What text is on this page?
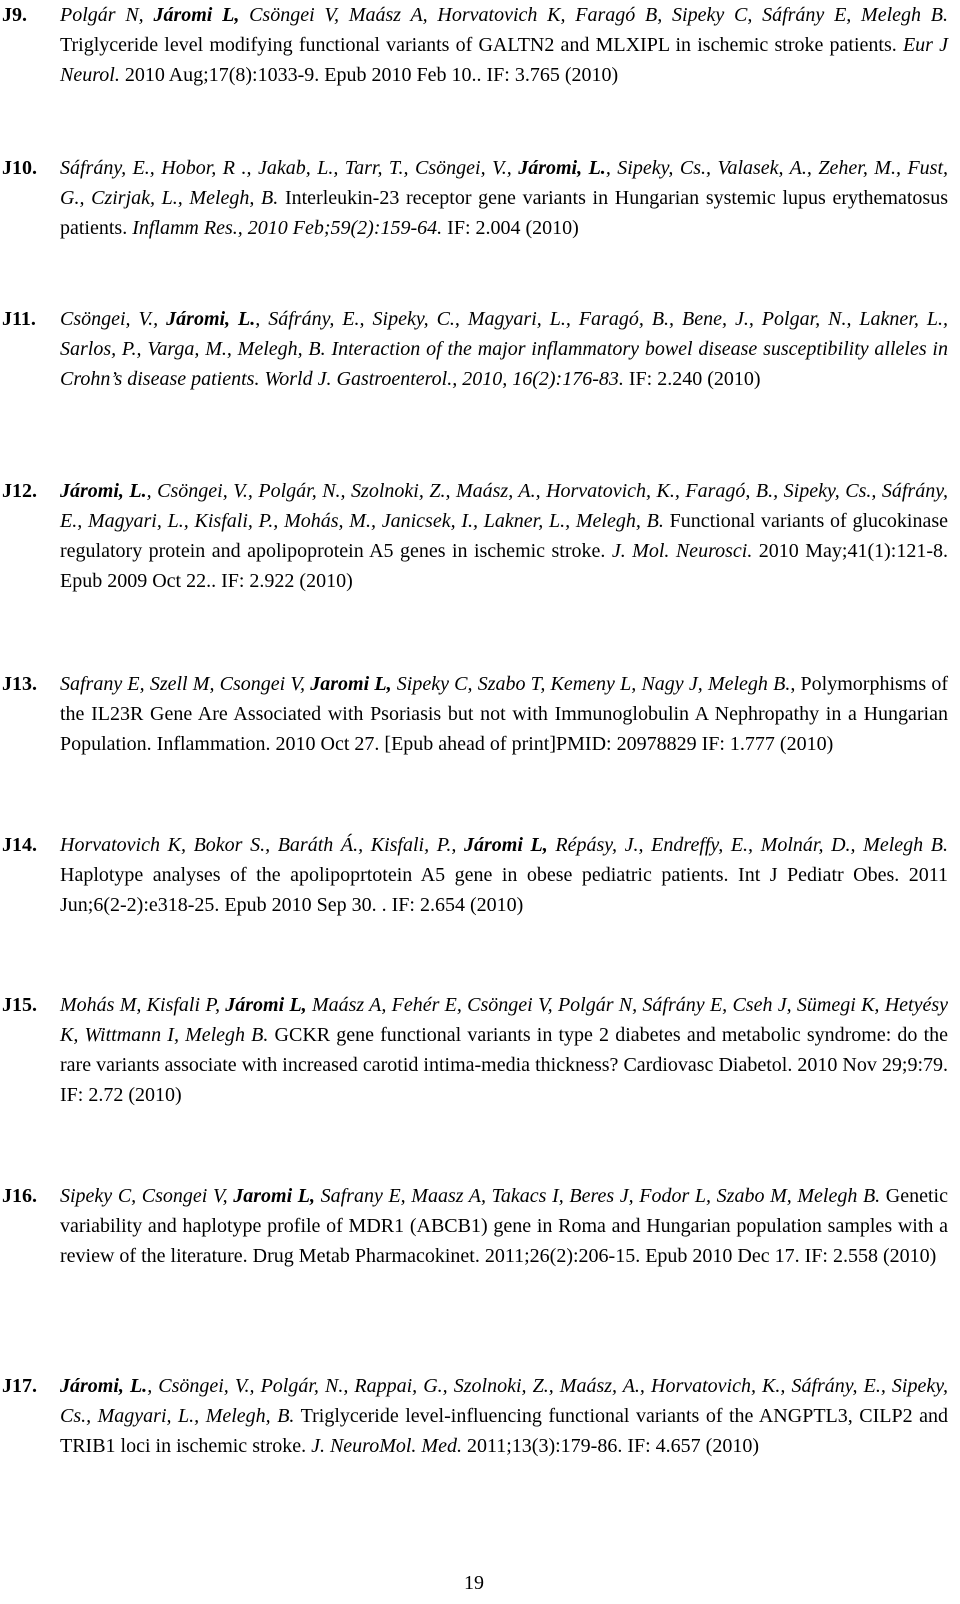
J9. Polgár N, Járomi L, Csöngei V, Maász A, Horvatovich K, Faragó B, Sipeky C, Sáfrány E, Melegh B. Triglyceride level modifying functional variants of GALTN2 and MLXIPL in ischemic stroke patients. Eur J Neurol. 2010 Aug;17(8):1033-9. Epub 2010 Feb 10.. IF: 3.765 (2010)
J10. Sáfrány, E., Hobor, R ., Jakab, L., Tarr, T., Csöngei, V., Járomi, L., Sipeky, Cs., Valasek, A., Zeher, M., Fust, G., Czirjak, L., Melegh, B. Interleukin-23 receptor gene variants in Hungarian systemic lupus erythematosus patients. Inflamm Res., 2010 Feb;59(2):159-64. IF: 2.004 (2010)
J11. Csöngei, V., Járomi, L., Sáfrány, E., Sipeky, C., Magyari, L., Faragó, B., Bene, J., Polgar, N., Lakner, L., Sarlos, P., Varga, M., Melegh, B. Interaction of the major inflammatory bowel disease susceptibility alleles in Crohn’s disease patients. World J. Gastroenterol., 2010, 16(2):176-83. IF: 2.240 (2010)
J12. Járomi, L., Csöngei, V., Polgár, N., Szolnoki, Z., Maász, A., Horvatovich, K., Faragó, B., Sipeky, Cs., Sáfrány, E., Magyari, L., Kisfali, P., Mohás, M., Janicsek, I., Lakner, L., Melegh, B. Functional variants of glucokinase regulatory protein and apolipoprotein A5 genes in ischemic stroke. J. Mol. Neurosci. 2010 May;41(1):121-8. Epub 2009 Oct 22.. IF: 2.922 (2010)
J13. Safrany E, Szell M, Csongei V, Jaromi L, Sipeky C, Szabo T, Kemeny L, Nagy J, Melegh B., Polymorphisms of the IL23R Gene Are Associated with Psoriasis but not with Immunoglobulin A Nephropathy in a Hungarian Population. Inflammation. 2010 Oct 27. [Epub ahead of print]PMID: 20978829 IF: 1.777 (2010)
J14. Horvatovich K, Bokor S., Baráth Á., Kisfali, P., Járomi L, Répásy, J., Endreffy, E., Molnár, D., Melegh B. Haplotype analyses of the apolipoprtotein A5 gene in obese pediatric patients. Int J Pediatr Obes. 2011 Jun;6(2-2):e318-25. Epub 2010 Sep 30. . IF: 2.654 (2010)
J15. Mohás M, Kisfali P, Járomi L, Maász A, Fehér E, Csöngei V, Polgár N, Sáfrány E, Cseh J, Sümegi K, Hetyésy K, Wittmann I, Melegh B. GCKR gene functional variants in type 2 diabetes and metabolic syndrome: do the rare variants associate with increased carotid intima-media thickness? Cardiovasc Diabetol. 2010 Nov 29;9:79. IF: 2.72 (2010)
J16. Sipeky C, Csongei V, Jaromi L, Safrany E, Maasz A, Takacs I, Beres J, Fodor L, Szabo M, Melegh B. Genetic variability and haplotype profile of MDR1 (ABCB1) gene in Roma and Hungarian population samples with a review of the literature. Drug Metab Pharmacokinet. 2011;26(2):206-15. Epub 2010 Dec 17. IF: 2.558 (2010)
J17. Járomi, L., Csöngei, V., Polgár, N., Rappai, G., Szolnoki, Z., Maász, A., Horvatovich, K., Sáfrány, E., Sipeky, Cs., Magyari, L., Melegh, B. Triglyceride level-influencing functional variants of the ANGPTL3, CILP2 and TRIB1 loci in ischemic stroke. J. NeuroMol. Med. 2011;13(3):179-86. IF: 4.657 (2010)
19
